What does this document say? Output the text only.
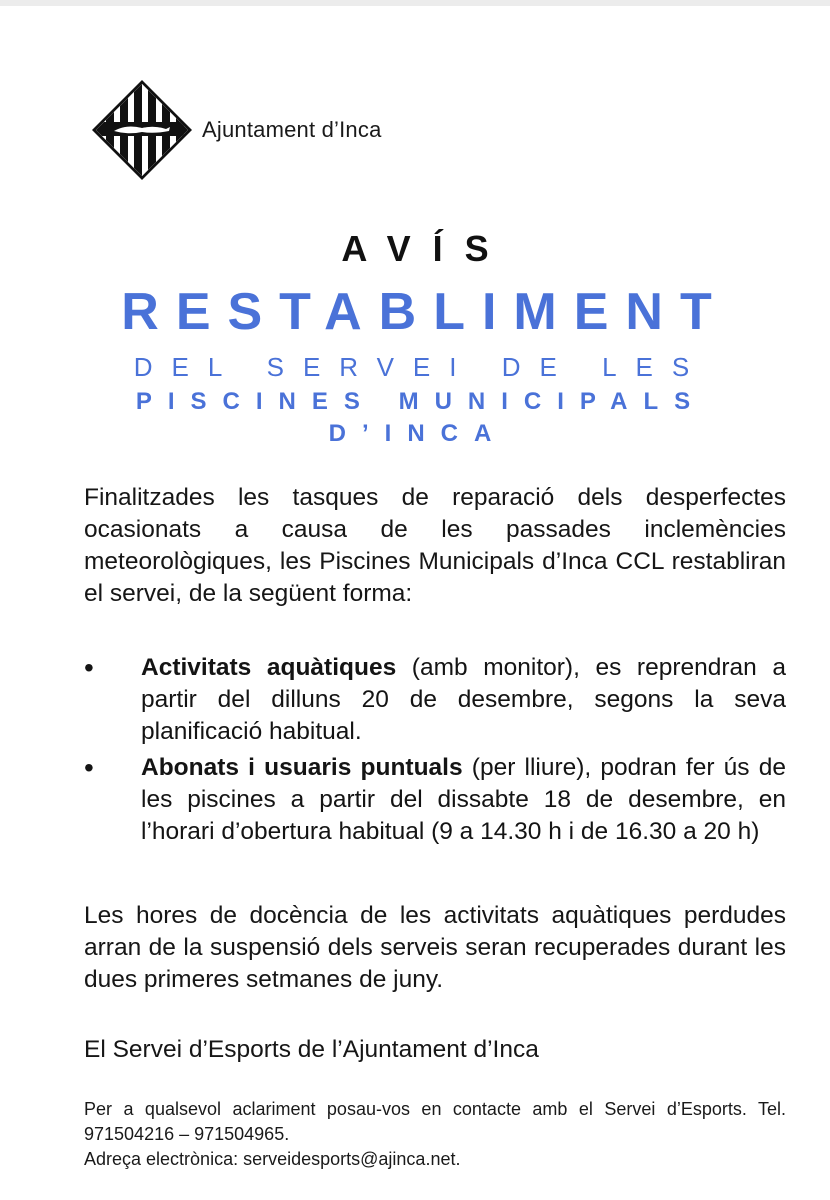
Ajuntament d’Inca
AVÍS
RESTABLIMENT
DEL SERVEI DE LES
PISCINES MUNICIPALS
D’INCA
Finalitzades les tasques de reparació dels desperfectes ocasionats a causa de les passades inclemències meteorològiques, les Piscines Municipals d’Inca CCL restabliran el servei, de la següent forma:
• Activitats aquàtiques (amb monitor), es reprendran a partir del dilluns 20 de desembre, segons la seva planificació habitual.
• Abonats i usuaris puntuals (per lliure), podran fer ús de les piscines a partir del dissabte 18 de desembre, en l’horari d’obertura habitual (9 a 14.30 h i de 16.30 a 20 h)
Les hores de docència de les activitats aquàtiques perdudes arran de la suspensió dels serveis seran recuperades durant les dues primeres setmanes de juny.
El Servei d’Esports de l’Ajuntament d’Inca
Per a qualsevol aclariment posau-vos en contacte amb el Servei d’Esports. Tel. 971504216 – 971504965.
Adreça electrònica: serveidesports@ajinca.net.
